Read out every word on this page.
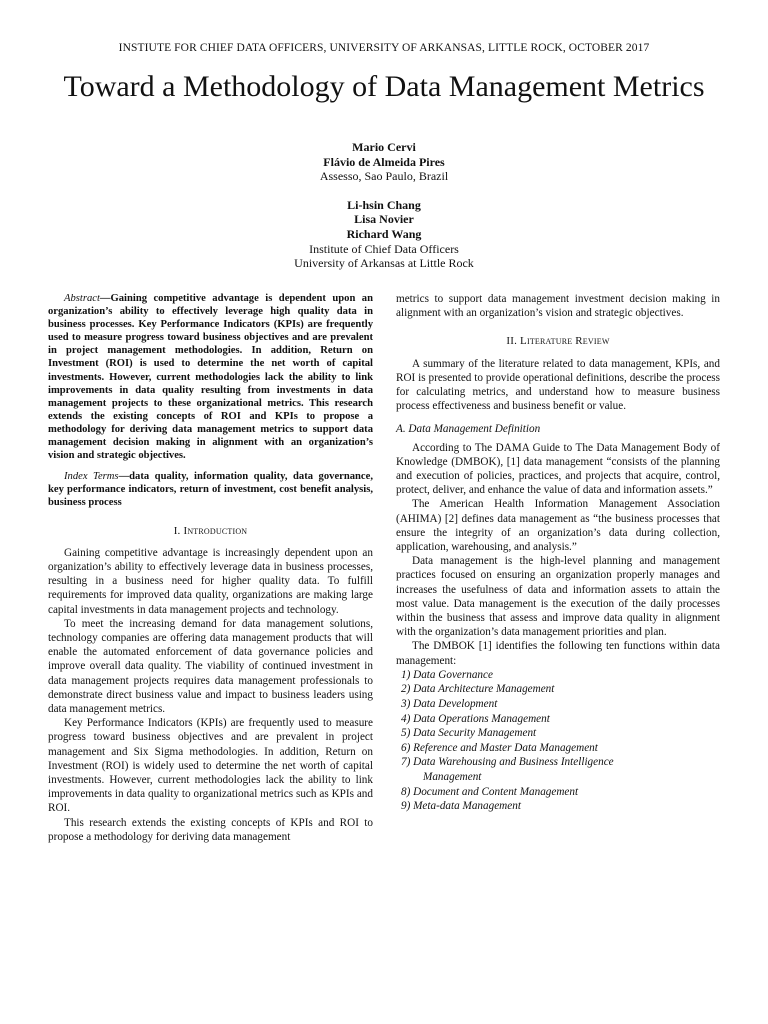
INSTIUTE FOR CHIEF DATA OFFICERS, UNIVERSITY OF ARKANSAS, LITTLE ROCK, OCTOBER 2017
Toward a Methodology of Data Management Metrics
Mario Cervi
Flávio de Almeida Pires
Assesso, Sao Paulo, Brazil
Li-hsin Chang
Lisa Novier
Richard Wang
Institute of Chief Data Officers
University of Arkansas at Little Rock

Abstract—Gaining competitive advantage is dependent upon an organization’s ability to effectively leverage high quality data in business processes. Key Performance Indicators (KPIs) are frequently used to measure progress toward business objectives and are prevalent in project management methodologies. In addition, Return on Investment (ROI) is used to determine the net worth of capital investments. However, current methodologies lack the ability to link improvements in data quality resulting from investments in data management projects to these organizational metrics. This research extends the existing concepts of ROI and KPIs to propose a methodology for deriving data management metrics to support data management decision making in alignment with an organization’s vision and strategic objectives.

Index Terms—data quality, information quality, data governance, key performance indicators, return of investment, cost benefit analysis, business process

I. Introduction

Gaining competitive advantage is increasingly dependent upon an organization’s ability to effectively leverage data in business processes, resulting in a business need for higher quality data. To fulfill requirements for improved data quality, organizations are making large capital investments in data management projects and technology.

To meet the increasing demand for data management solutions, technology companies are offering data management products that will enable the automated enforcement of data governance policies and improve overall data quality. The viability of continued investment in data management projects requires data management professionals to demonstrate direct business value and impact to business leaders using data management metrics.

Key Performance Indicators (KPIs) are frequently used to measure progress toward business objectives and are prevalent in project management and Six Sigma methodologies. In addition, Return on Investment (ROI) is widely used to determine the net worth of capital investments. However, current methodologies lack the ability to link improvements in data quality to organizational metrics such as KPIs and ROI.

This research extends the existing concepts of KPIs and ROI to propose a methodology for deriving data management

metrics to support data management investment decision making in alignment with an organization’s vision and strategic objectives.

II. Literature Review

A summary of the literature related to data management, KPIs, and ROI is presented to provide operational definitions, describe the process for calculating metrics, and understand how to measure business process effectiveness and business benefit or value.

A. Data Management Definition

According to The DAMA Guide to The Data Management Body of Knowledge (DMBOK), [1] data management “consists of the planning and execution of policies, practices, and projects that acquire, control, protect, deliver, and enhance the value of data and information assets.”

The American Health Information Management Association (AHIMA) [2] defines data management as “the business processes that ensure the integrity of an organization’s data during collection, application, warehousing, and analysis.”

Data management is the high-level planning and management practices focused on ensuring an organization properly manages and increases the usefulness of data and information assets to attain the most value. Data management is the execution of the daily processes within the business that assess and improve data quality in alignment with the organization’s data management priorities and plan.

The DMBOK [1] identifies the following ten functions within data management:

1) Data Governance
2) Data Architecture Management
3) Data Development
4) Data Operations Management
5) Data Security Management
6) Reference and Master Data Management
7) Data Warehousing and Business Intelligence
Management
8) Document and Content Management
9) Meta-data Management
